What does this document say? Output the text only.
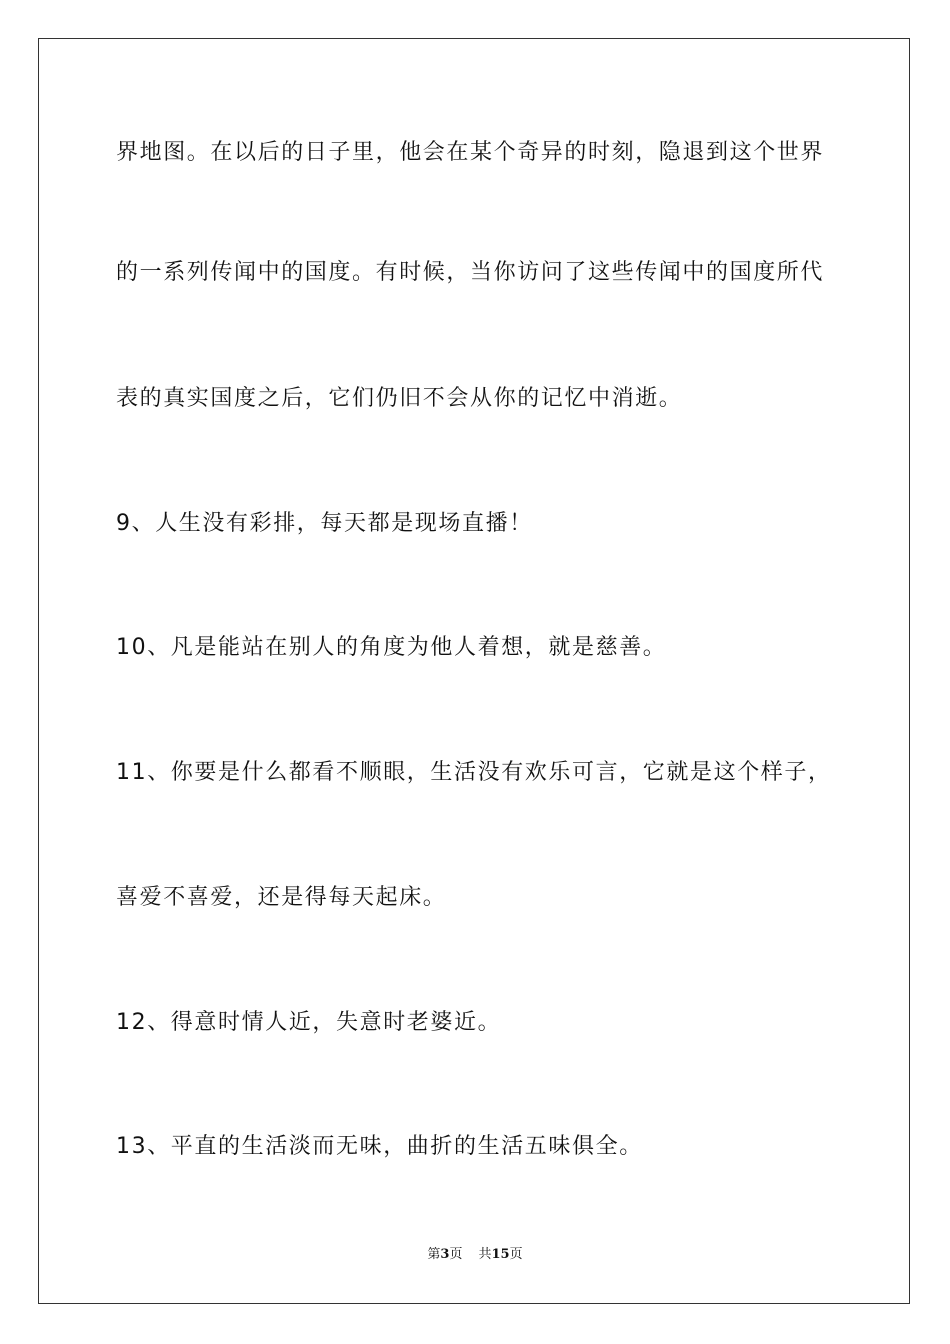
界地图。在以后的日子里，他会在某个奇异的时刻，隐退到这个世界
的一系列传闻中的国度。有时候，当你访问了这些传闻中的国度所代
表的真实国度之后，它们仍旧不会从你的记忆中消逝。
9、人生没有彩排，每天都是现场直播！
10、凡是能站在别人的角度为他人着想，就是慈善。
11、你要是什么都看不顺眼，生活没有欢乐可言，它就是这个样子，
喜爱不喜爱，还是得每天起床。
12、得意时情人近，失意时老婆近。
13、平直的生活淡而无味，曲折的生活五味俱全。
第3页 共15页
